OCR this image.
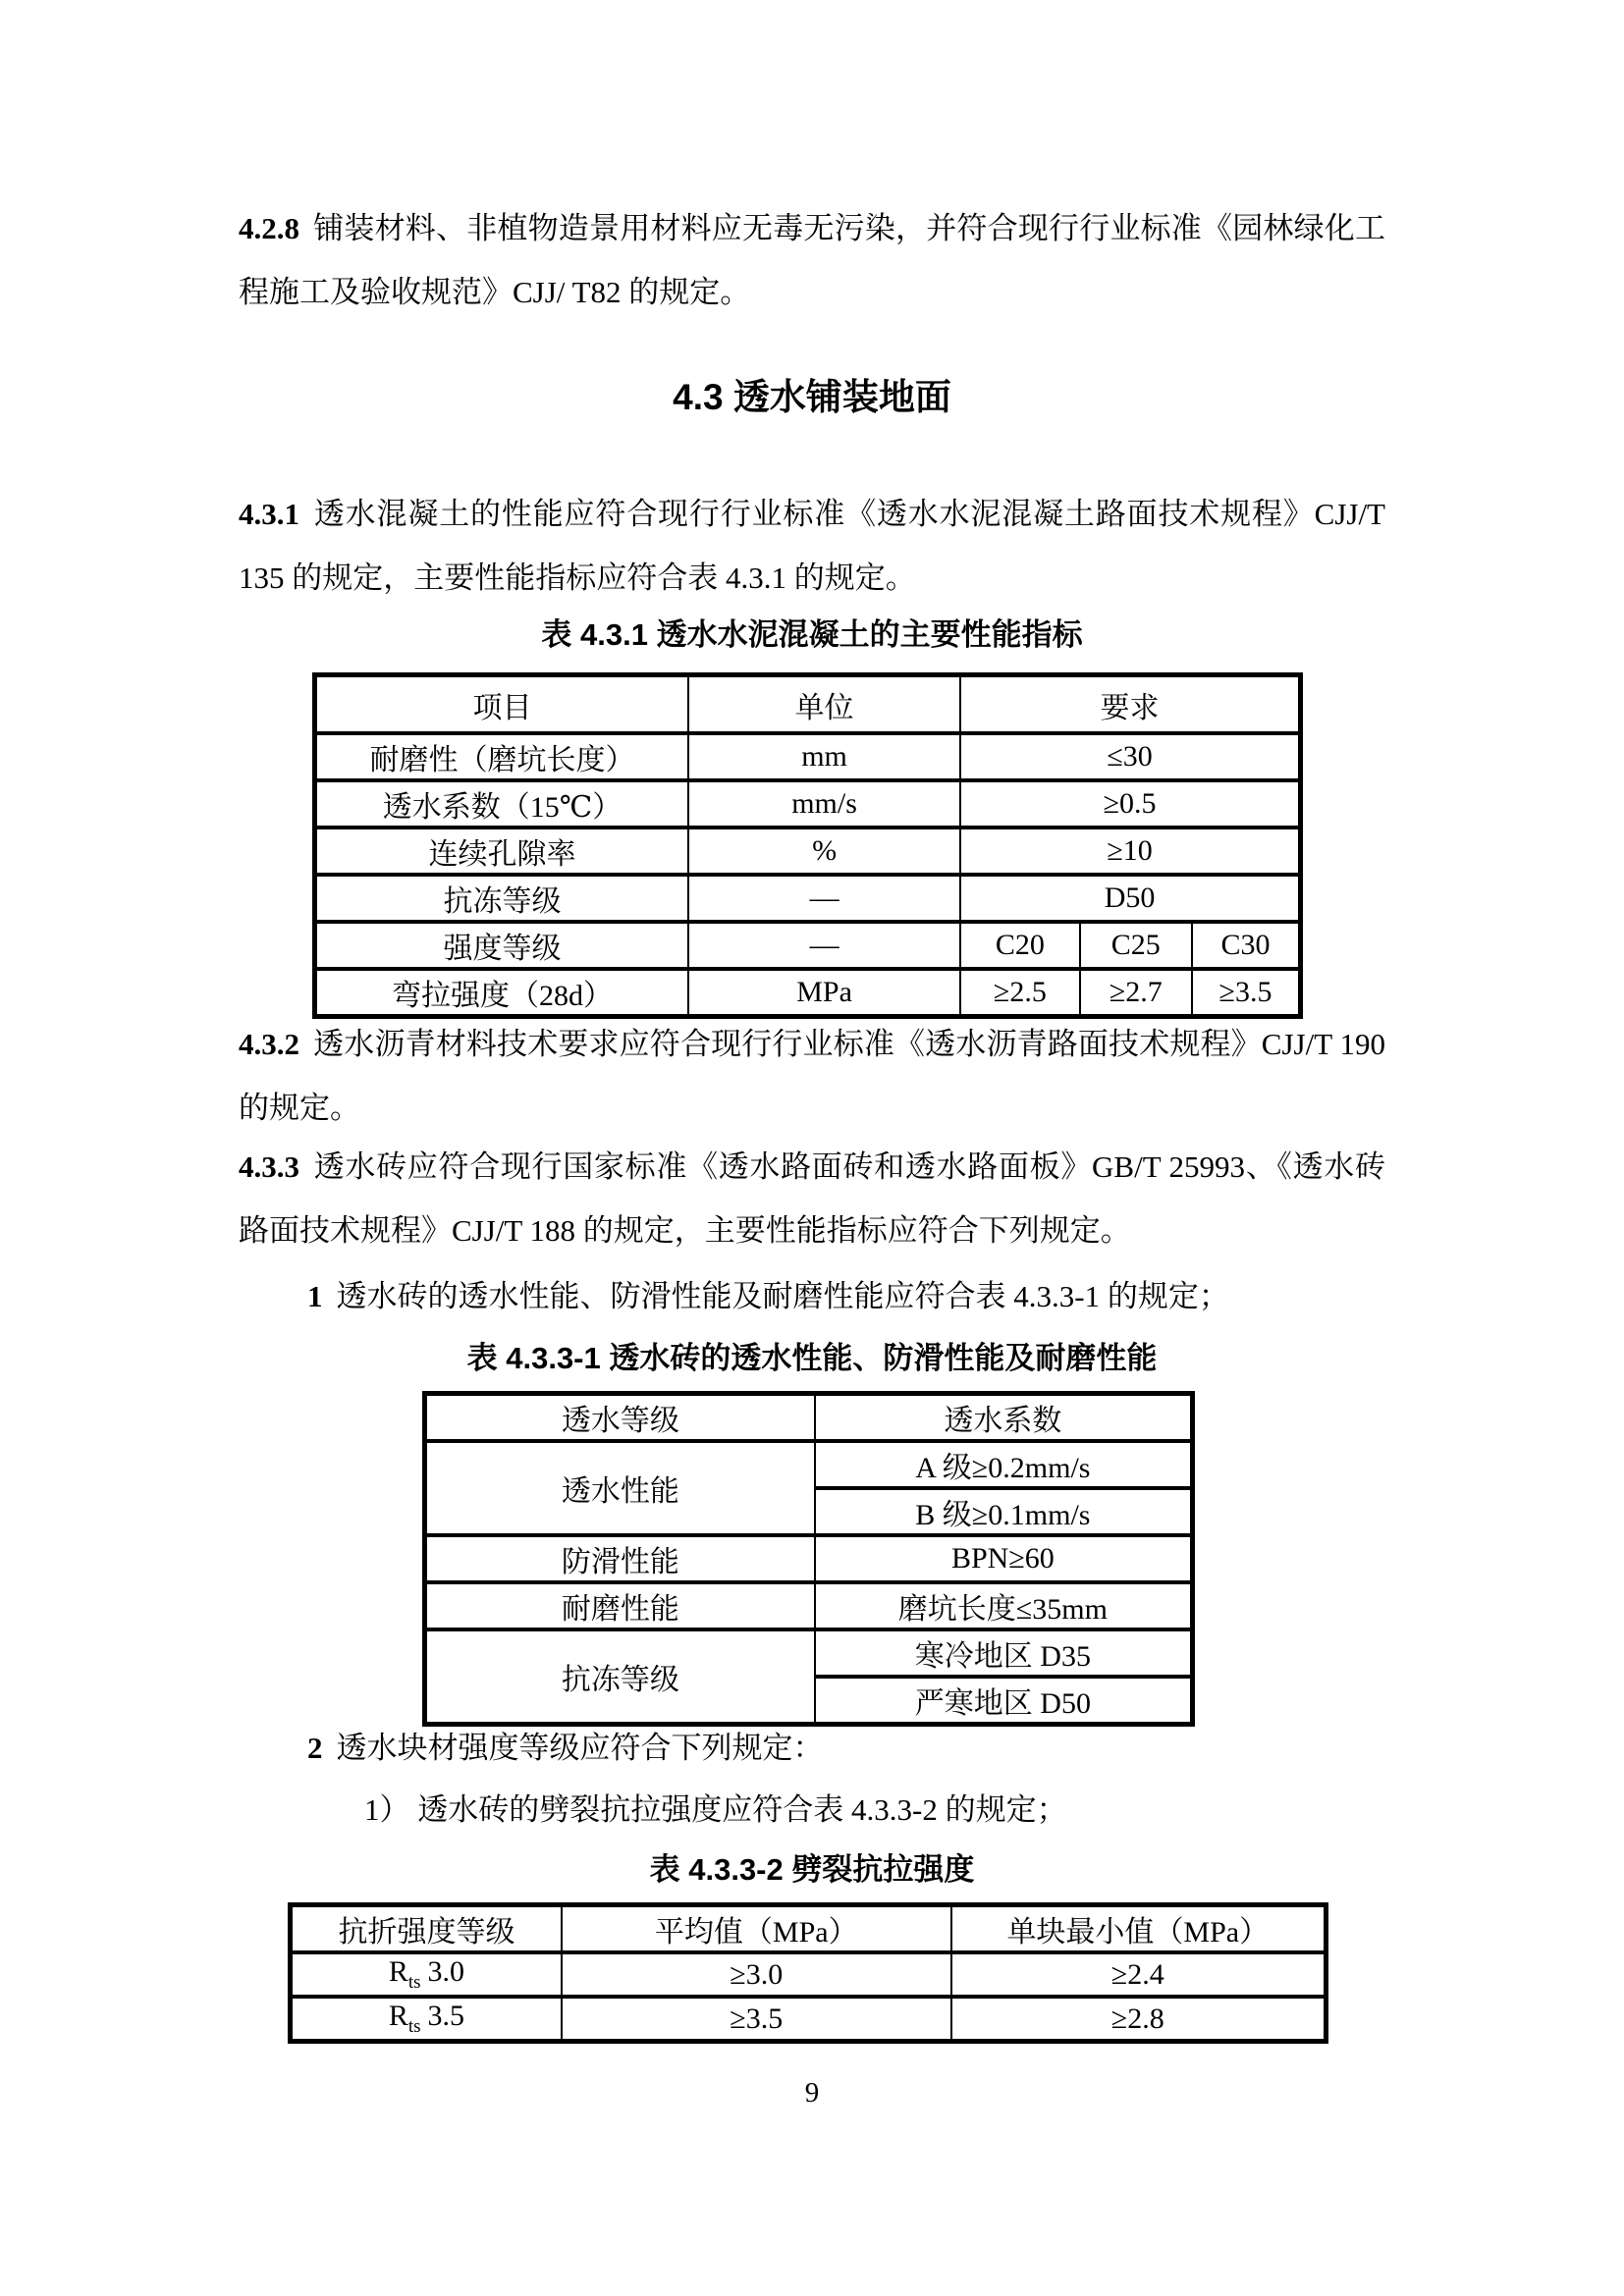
4.2.8 铺装材料、非植物造景用材料应无毒无污染，并符合现行行业标准《园林绿化工程施工及验收规范》CJJ/ T82 的规定。
4.3 透水铺装地面
4.3.1 透水混凝土的性能应符合现行行业标准《透水水泥混凝土路面技术规程》CJJ/T 135 的规定，主要性能指标应符合表 4.3.1 的规定。
表 4.3.1 透水水泥混凝土的主要性能指标
项目	单位	要求		
耐磨性（磨坑长度）	mm	≤30		
透水系数（15℃）	mm/s	≥0.5		
连续孔隙率	%	≥10		
抗冻等级	—	D50		
强度等级	—	C20	C25	C30
弯拉强度（28d）	MPa	≥2.5	≥2.7	≥3.5
4.3.2 透水沥青材料技术要求应符合现行行业标准《透水沥青路面技术规程》CJJ/T 190 的规定。
4.3.3 透水砖应符合现行国家标准《透水路面砖和透水路面板》GB/T 25993、《透水砖路面技术规程》CJJ/T 188 的规定，主要性能指标应符合下列规定。
1 透水砖的透水性能、防滑性能及耐磨性能应符合表 4.3.3-1 的规定；
表 4.3.3-1 透水砖的透水性能、防滑性能及耐磨性能
透水等级	透水系数
透水性能	A 级≥0.2mm/s
	B 级≥0.1mm/s
防滑性能	BPN≥60
耐磨性能	磨坑长度≤35mm
抗冻等级	寒冷地区 D35
	严寒地区 D50
2 透水块材强度等级应符合下列规定：
1） 透水砖的劈裂抗拉强度应符合表 4.3.3-2 的规定；
表 4.3.3-2 劈裂抗拉强度
抗折强度等级	平均值（MPa）	单块最小值（MPa）
$R_{ts}$ 3.0	≥3.0	≥2.4
$R_{ts}$ 3.5	≥3.5	≥2.8
9
